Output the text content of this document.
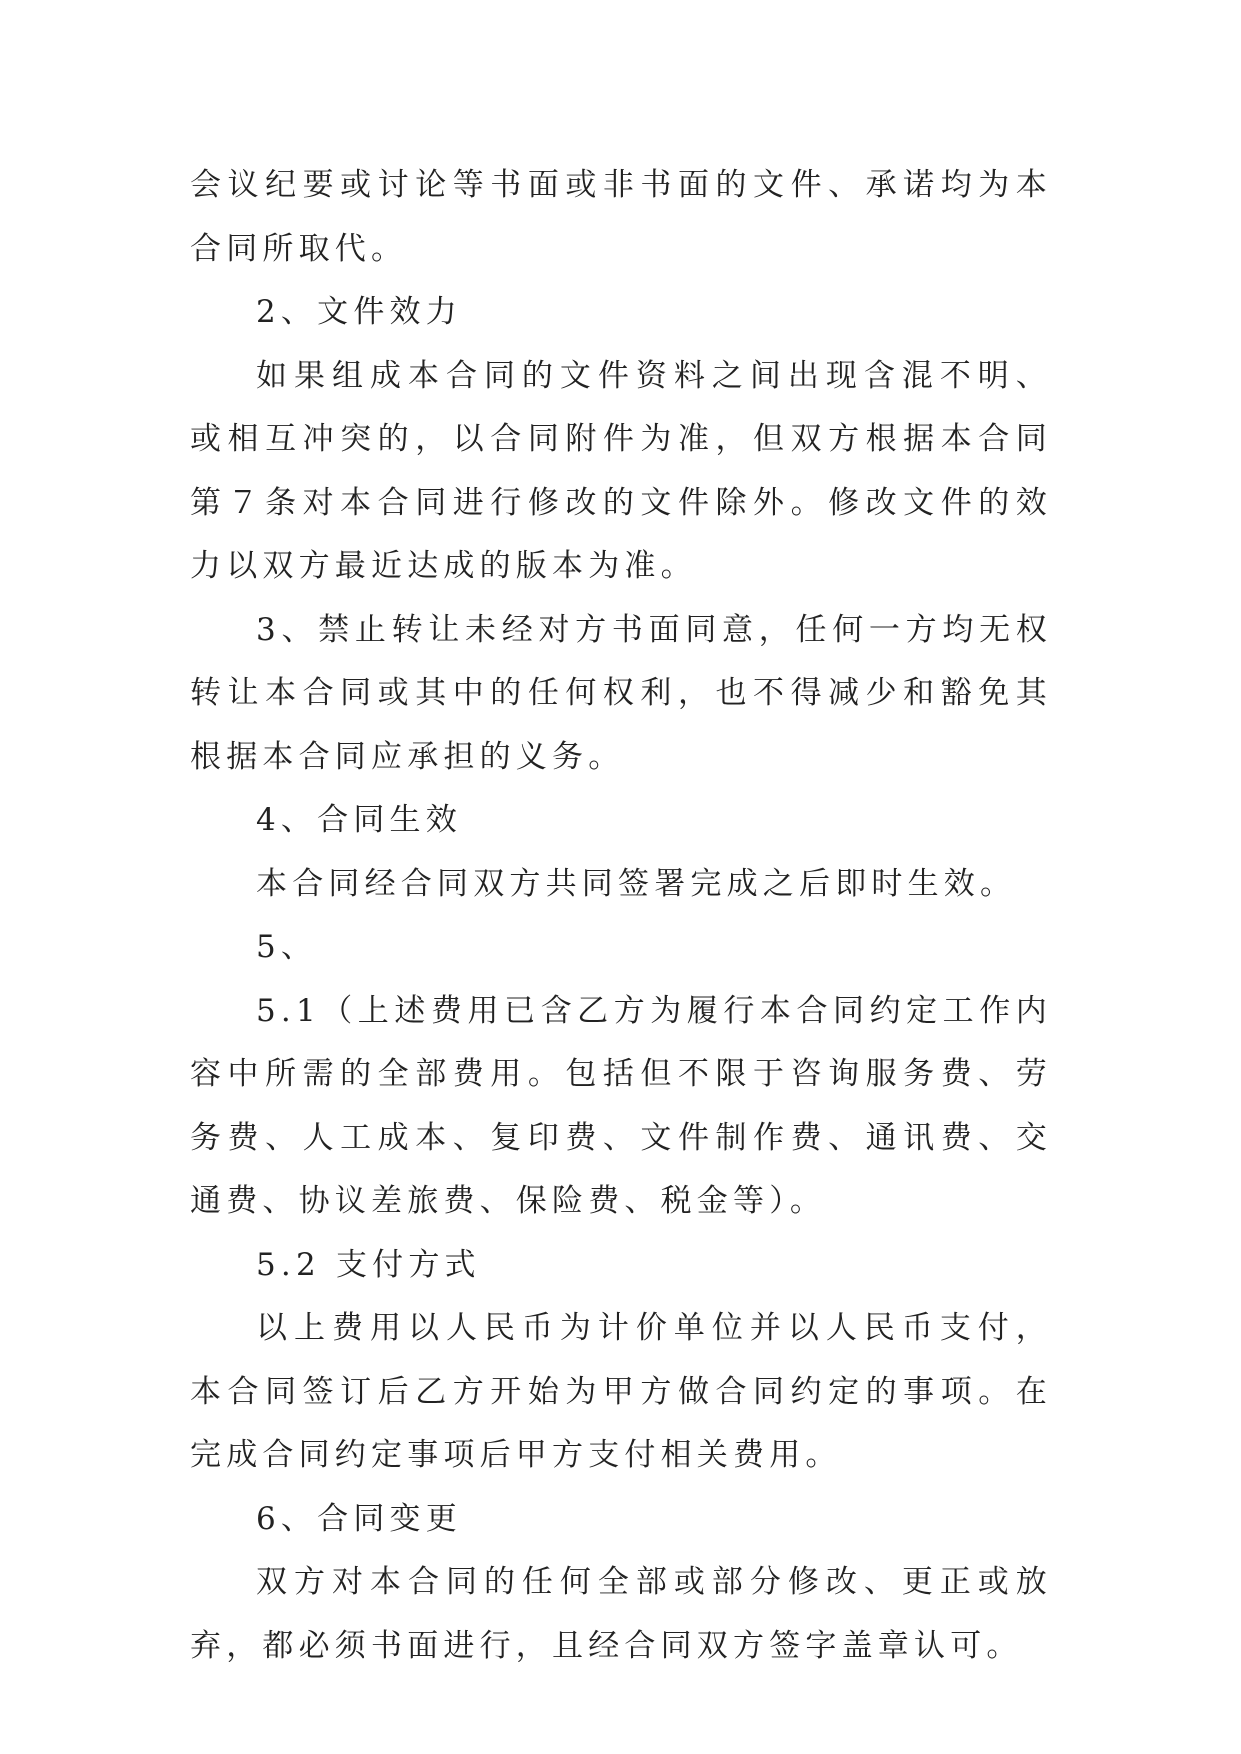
会议纪要或讨论等书面或非书面的文件、承诺均为本合同所取代。

2、文件效力

如果组成本合同的文件资料之间出现含混不明、或相互冲突的，以合同附件为准，但双方根据本合同第７条对本合同进行修改的文件除外。修改文件的效力以双方最近达成的版本为准。

3、禁止转让未经对方书面同意，任何一方均无权转让本合同或其中的任何权利，也不得减少和豁免其根据本合同应承担的义务。

4、合同生效

本合同经合同双方共同签署完成之后即时生效。

5、

5.1（上述费用已含乙方为履行本合同约定工作内容中所需的全部费用。包括但不限于咨询服务费、劳务费、人工成本、复印费、文件制作费、通讯费、交通费、协议差旅费、保险费、税金等）。

5.2 支付方式

以上费用以人民币为计价单位并以人民币支付，本合同签订后乙方开始为甲方做合同约定的事项。在完成合同约定事项后甲方支付相关费用。

6、合同变更

双方对本合同的任何全部或部分修改、更正或放弃，都必须书面进行，且经合同双方签字盖章认可。
